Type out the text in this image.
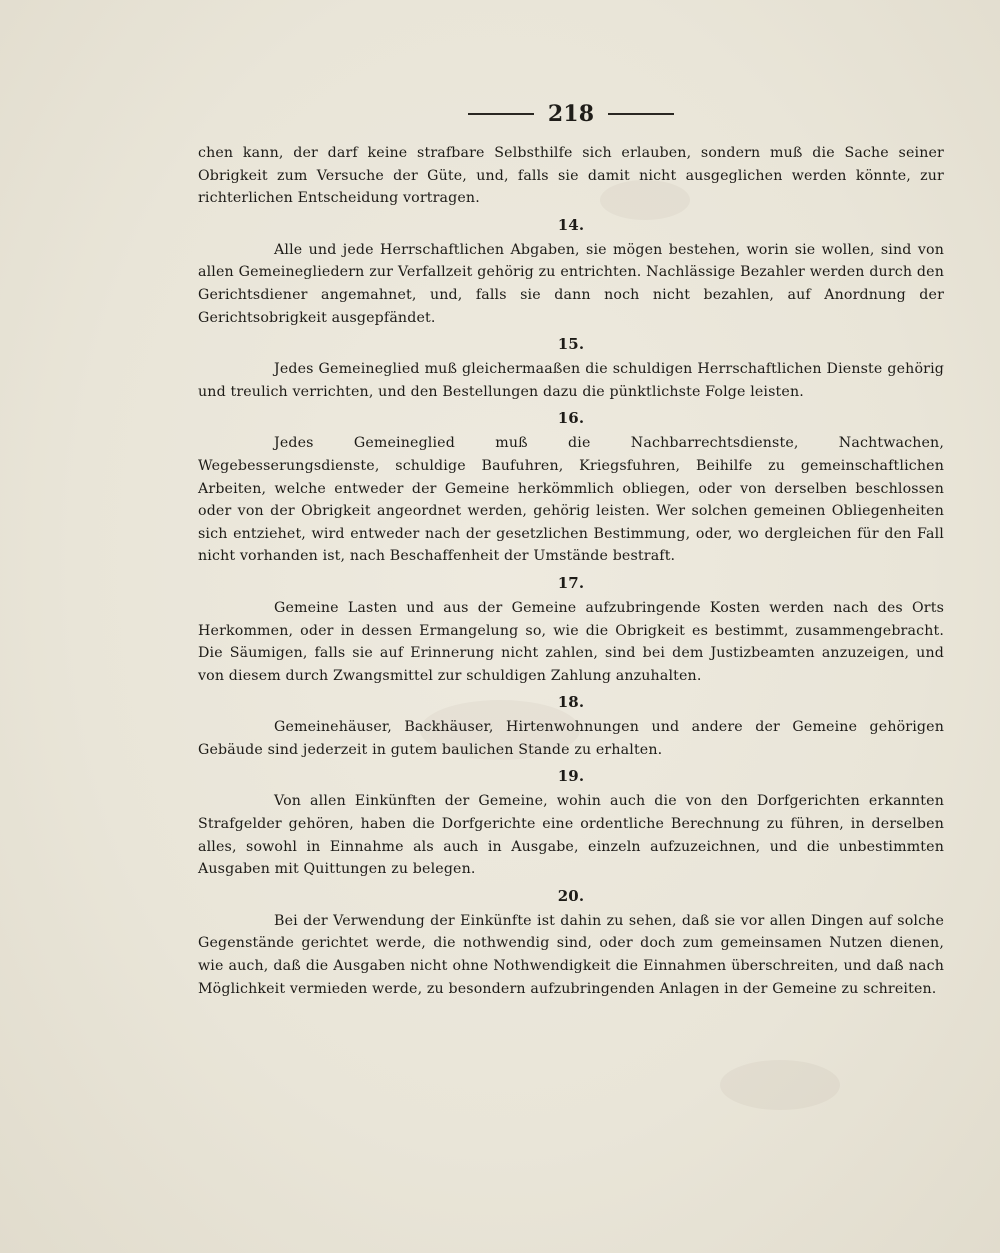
218

chen kann, der darf keine strafbare Selbsthilfe sich erlauben, sondern muß die Sache seiner Obrigkeit zum Versuche der Güte, und, falls sie damit nicht ausgeglichen werden könnte, zur richterlichen Entscheidung vortragen.

14.

Alle und jede Herrschaftlichen Abgaben, sie mögen bestehen, worin sie wollen, sind von allen Gemeinegliedern zur Verfallzeit gehörig zu entrichten. Nachlässige Bezahler werden durch den Gerichtsdiener angemahnet, und, falls sie dann noch nicht bezahlen, auf Anordnung der Gerichtsobrigkeit ausgepfändet.

15.

Jedes Gemeineglied muß gleichermaaßen die schuldigen Herrschaftlichen Dienste gehörig und treulich verrichten, und den Bestellungen dazu die pünktlichste Folge leisten.

16.

Jedes Gemeineglied muß die Nachbarrechtsdienste, Nachtwachen, Wegebesserungsdienste, schuldige Baufuhren, Kriegsfuhren, Beihilfe zu gemeinschaftlichen Arbeiten, welche entweder der Gemeine herkömmlich obliegen, oder von derselben beschlossen oder von der Obrigkeit angeordnet werden, gehörig leisten. Wer solchen gemeinen Obliegenheiten sich entziehet, wird entweder nach der gesetzlichen Bestimmung, oder, wo dergleichen für den Fall nicht vorhanden ist, nach Beschaffenheit der Umstände bestraft.

17.

Gemeine Lasten und aus der Gemeine aufzubringende Kosten werden nach des Orts Herkommen, oder in dessen Ermangelung so, wie die Obrigkeit es bestimmt, zusammengebracht. Die Säumigen, falls sie auf Erinnerung nicht zahlen, sind bei dem Justizbeamten anzuzeigen, und von diesem durch Zwangsmittel zur schuldigen Zahlung anzuhalten.

18.

Gemeinehäuser, Backhäuser, Hirtenwohnungen und andere der Gemeine gehörigen Gebäude sind jederzeit in gutem baulichen Stande zu erhalten.

19.

Von allen Einkünften der Gemeine, wohin auch die von den Dorfgerichten erkannten Strafgelder gehören, haben die Dorfgerichte eine ordentliche Berechnung zu führen, in derselben alles, sowohl in Einnahme als auch in Ausgabe, einzeln aufzuzeichnen, und die unbestimmten Ausgaben mit Quittungen zu belegen.

20.

Bei der Verwendung der Einkünfte ist dahin zu sehen, daß sie vor allen Dingen auf solche Gegenstände gerichtet werde, die nothwendig sind, oder doch zum gemeinsamen Nutzen dienen, wie auch, daß die Ausgaben nicht ohne Nothwendigkeit die Einnahmen überschreiten, und daß nach Möglichkeit vermieden werde, zu besondern aufzubringenden Anlagen in der Gemeine zu schreiten.
